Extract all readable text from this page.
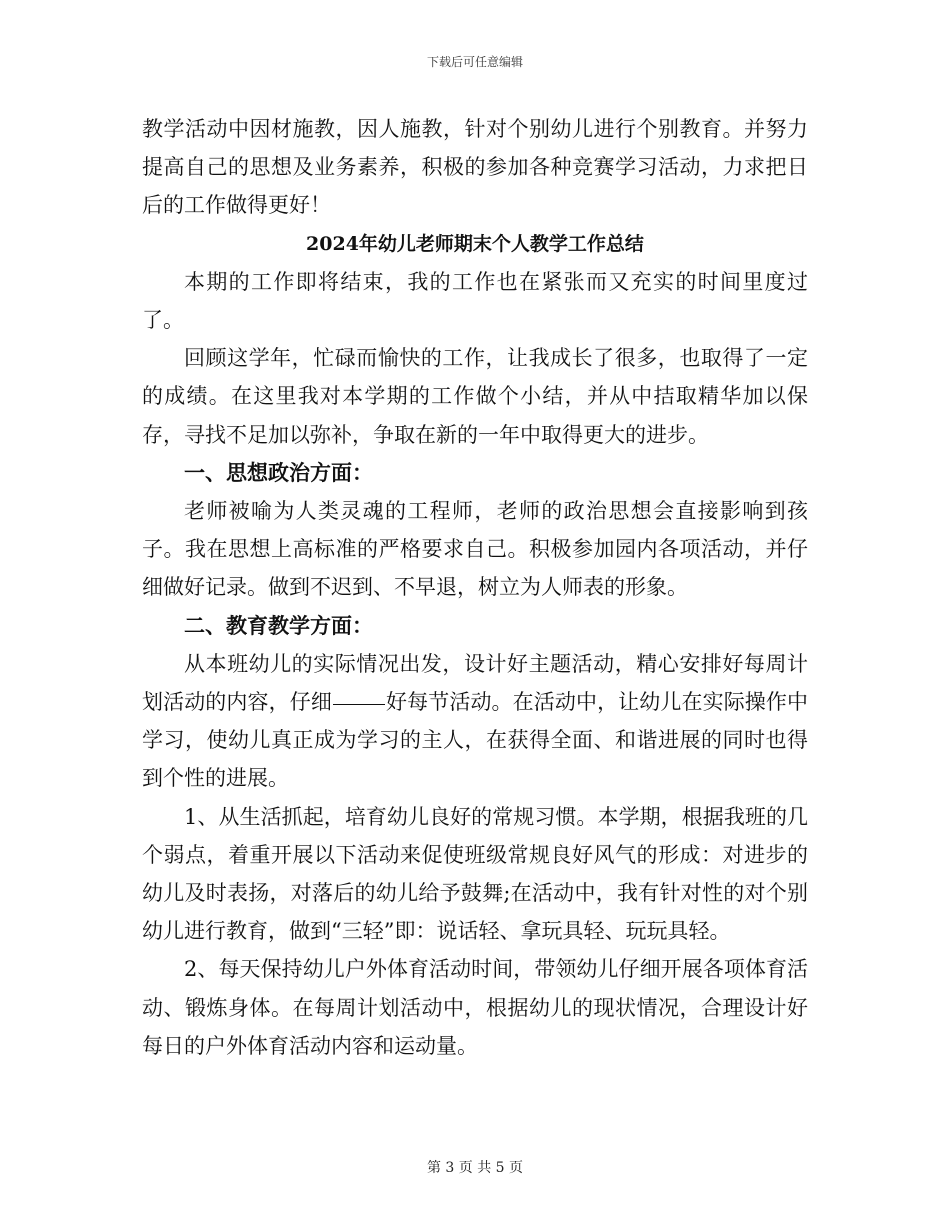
下载后可任意编辑

教学活动中因材施教，因人施教，针对个别幼儿进行个别教育。并努力提高自己的思想及业务素养，积极的参加各种竞赛学习活动，力求把日后的工作做得更好！

2024年幼儿老师期末个人教学工作总结

本期的工作即将结束，我的工作也在紧张而又充实的时间里度过了。

回顾这学年，忙碌而愉快的工作，让我成长了很多，也取得了一定的成绩。在这里我对本学期的工作做个小结，并从中拮取精华加以保存，寻找不足加以弥补，争取在新的一年中取得更大的进步。

一、思想政治方面：

老师被喻为人类灵魂的工程师，老师的政治思想会直接影响到孩子。我在思想上高标准的严格要求自己。积极参加园内各项活动，并仔细做好记录。做到不迟到、不早退，树立为人师表的形象。

二、教育教学方面：

从本班幼儿的实际情况出发，设计好主题活动，精心安排好每周计划活动的内容，仔细	好每节活动。在活动中，让幼儿在实际操作中学习，使幼儿真正成为学习的主人，在获得全面、和谐进展的同时也得到个性的进展。

1、从生活抓起，培育幼儿良好的常规习惯。本学期，根据我班的几个弱点，着重开展以下活动来促使班级常规良好风气的形成：对进步的幼儿及时表扬，对落后的幼儿给予鼓舞;在活动中，我有针对性的对个别幼儿进行教育，做到“三轻”即：说话轻、拿玩具轻、玩玩具轻。

2、每天保持幼儿户外体育活动时间，带领幼儿仔细开展各项体育活动、锻炼身体。在每周计划活动中，根据幼儿的现状情况，合理设计好每日的户外体育活动内容和运动量。

第 3 页 共 5 页
